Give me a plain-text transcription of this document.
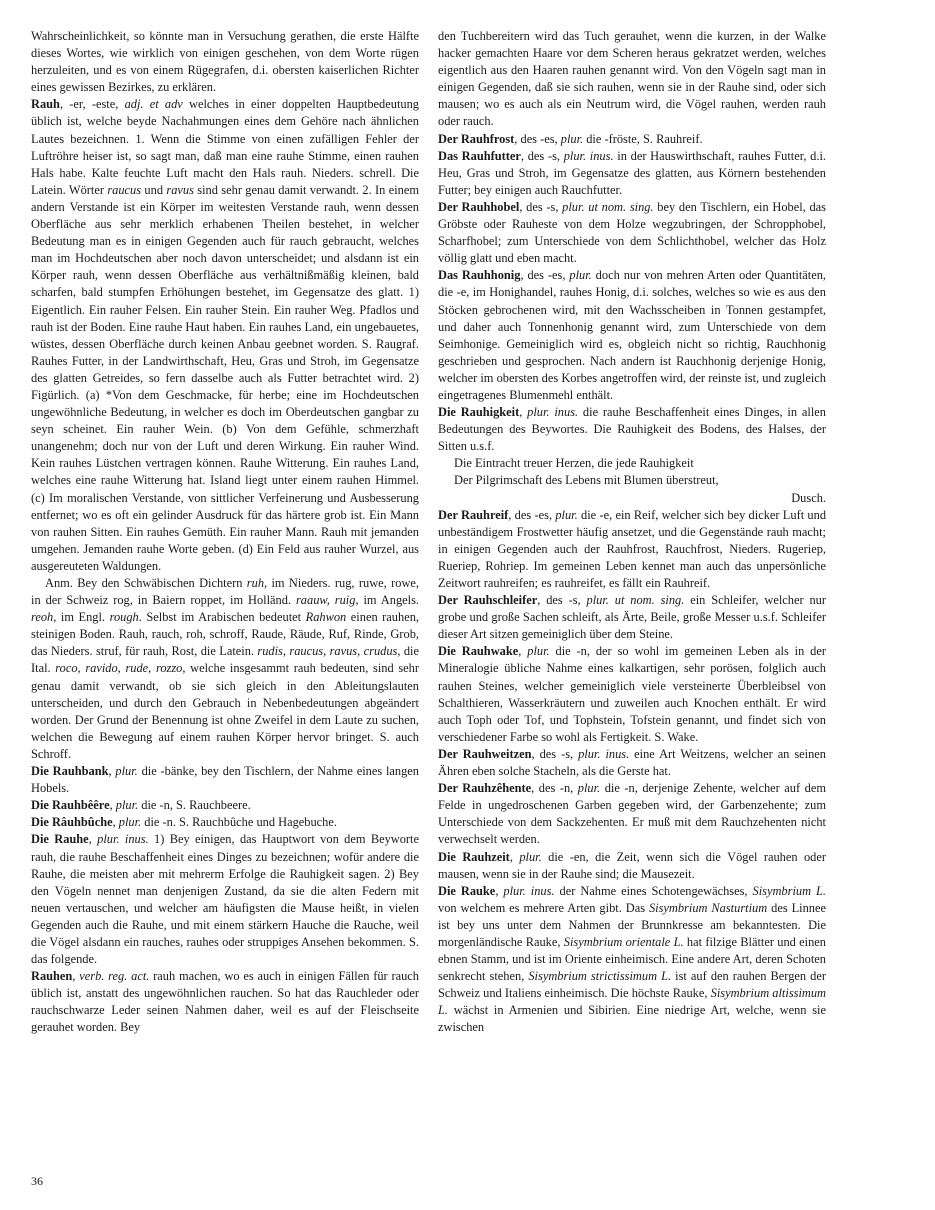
Wahrscheinlichkeit, so könnte man in Versuchung gerathen, die erste Hälfte dieses Wortes, wie wirklich von einigen geschehen, von dem Worte rügen herzuleiten, und es von einem Rügegrafen, d.i. obersten kaiserlichen Richter eines gewissen Bezirkes, zu erklären.

Rauh, -er, -este, adj. et adv welches in einer doppelten Hauptbedeutung üblich ist, welche beyde Nachahmungen eines dem Gehöre nach ähnlichen Lautes bezeichnen. 1. Wenn die Stimme von einen zufälligen Fehler der Luftröhre heiser ist, so sagt man, daß man eine rauhe Stimme, einen rauhen Hals habe. Kalte feuchte Luft macht den Hals rauh. Nieders. schrell. Die Latein. Wörter raucus und ravus sind sehr genau damit verwandt. 2. In einem andern Verstande ist ein Körper im weitesten Verstande rauh, wenn dessen Oberfläche aus sehr merklich erhabenen Theilen bestehet, in welcher Bedeutung man es in einigen Gegenden auch für rauch gebraucht, welches man im Hochdeutschen aber noch davon unterscheidet; und alsdann ist ein Körper rauh, wenn dessen Oberfläche aus verhältnißmäßig kleinen, bald scharfen, bald stumpfen Erhöhungen bestehet, im Gegensatze des glatt. 1) Eigentlich. Ein rauher Felsen. Ein rauher Stein. Ein rauher Weg. Pfadlos und rauh ist der Boden. Eine rauhe Haut haben. Ein rauhes Land, ein ungebauetes, wüstes, dessen Oberfläche durch keinen Anbau geebnet worden. S. Raugraf. Rauhes Futter, in der Landwirthschaft, Heu, Gras und Stroh, im Gegensatze des glatten Getreides, so fern dasselbe auch als Futter betrachtet wird. 2) Figürlich. (a) *Von dem Geschmacke, für herbe; eine im Hochdeutschen ungewöhnliche Bedeutung, in welcher es doch im Oberdeutschen gangbar zu seyn scheinet. Ein rauher Wein. (b) Von dem Gefühle, schmerzhaft unangenehm; doch nur von der Luft und deren Wirkung. Ein rauher Wind. Kein rauhes Lüstchen vertragen können. Rauhe Witterung. Ein rauhes Land, welches eine rauhe Witterung hat. Island liegt unter einem rauhen Himmel. (c) Im moralischen Verstande, von sittlicher Verfeinerung und Ausbesserung entfernet; wo es oft ein gelinder Ausdruck für das härtere grob ist. Ein Mann von rauhen Sitten. Ein rauhes Gemüth. Ein rauher Mann. Rauh mit jemanden umgehen. Jemanden rauhe Worte geben. (d) Ein Feld aus rauher Wurzel, aus ausgereuteten Waldungen.

Anm. Bey den Schwäbischen Dichtern ruh, im Nieders. rug, ruwe, rowe, in der Schweiz rog, in Baiern roppet, im Holländ. raauw, ruig, im Angels. reoh, im Engl. rough. Selbst im Arabischen bedeutet Rahwon einen rauhen, steinigen Boden. Rauh, rauch, roh, schroff, Raude, Räude, Ruf, Rinde, Grob, das Nieders. struf, für rauh, Rost, die Latein. rudis, raucus, ravus, crudus, die Ital. roco, ravido, rude, rozzo, welche insgesammt rauh bedeuten, sind sehr genau damit verwandt, ob sie sich gleich in den Ableitungslauten unterscheiden, und durch den Gebrauch in Nebenbedeutungen abgeändert worden. Der Grund der Benennung ist ohne Zweifel in dem Laute zu suchen, welchen die Bewegung auf einem rauhen Körper hervor bringet. S. auch Schroff.

Die Rauhbank, plur. die -bänke, bey den Tischlern, der Nahme eines langen Hobels.

Die Rauhbêêre, plur. die -n, S. Rauchbeere.

Die Râuhbûche, plur. die -n. S. Rauchbûche und Hagebuche.

Die Rauhe, plur. inus. 1) Bey einigen, das Hauptwort von dem Beyworte rauh, die rauhe Beschaffenheit eines Dinges zu bezeichnen; wofür andere die Rauhe, die meisten aber mit mehrerm Erfolge die Rauhigkeit sagen. 2) Bey den Vögeln nennet man denjenigen Zustand, da sie die alten Federn mit neuen vertauschen, und welcher am häufigsten die Mause heißt, in vielen Gegenden auch die Rauhe, und mit einem stärkern Hauche die Rauche, weil die Vögel alsdann ein rauches, rauhes oder struppiges Ansehen bekommen. S. das folgende.

Rauhen, verb. reg. act. rauh machen, wo es auch in einigen Fällen für rauch üblich ist, anstatt des ungewöhnlichen rauchen. So hat das Rauchleder oder rauchschwarze Leder seinen Nahmen daher, weil es auf der Fleischseite gerauhet worden. Bey

den Tuchbereitern wird das Tuch gerauhet, wenn die kurzen, in der Walke hacker gemachten Haare vor dem Scheren heraus gekratzet werden, welches eigentlich aus den Haaren rauhen genannt wird. Von den Vögeln sagt man in einigen Gegenden, daß sie sich rauhen, wenn sie in der Rauhe sind, oder sich mausen; wo es auch als ein Neutrum wird, die Vögel rauhen, werden rauh oder rauch.

Der Rauhfrost, des -es, plur. die -fröste, S. Rauhreif.

Das Rauhfutter, des -s, plur. inus. in der Hauswirthschaft, rauhes Futter, d.i. Heu, Gras und Stroh, im Gegensatze des glatten, aus Körnern bestehenden Futter; bey einigen auch Rauchfutter.

Der Rauhhobel, des -s, plur. ut nom. sing. bey den Tischlern, ein Hobel, das Gröbste oder Rauheste von dem Holze wegzubringen, der Schropphobel, Scharfhobel; zum Unterschiede von dem Schlichthobel, welcher das Holz völlig glatt und eben macht.

Das Rauhhonig, des -es, plur. doch nur von mehren Arten oder Quantitäten, die -e, im Honighandel, rauhes Honig, d.i. solches, welches so wie es aus den Stöcken gebrochenen wird, mit den Wachsscheiben in Tonnen gestampfet, und daher auch Tonnenhonig genannt wird, zum Unterschiede von dem Seimhonige. Gemeiniglich wird es, obgleich nicht so richtig, Rauchhonig geschrieben und gesprochen. Nach andern ist Rauchhonig derjenige Honig, welcher im obersten des Korbes angetroffen wird, der reinste ist, und zugleich eingetragenes Blumenmehl enthält.

Die Rauhigkeit, plur. inus. die rauhe Beschaffenheit eines Dinges, in allen Bedeutungen des Beywortes. Die Rauhigkeit des Bodens, des Halses, der Sitten u.s.f.

Die Eintracht treuer Herzen, die jede Rauhigkeit

Der Pilgrimschaft des Lebens mit Blumen überstreut,

Dusch.

Der Rauhreif, des -es, plur. die -e, ein Reif, welcher sich bey dicker Luft und unbeständigem Frostwetter häufig ansetzet, und die Gegenstände rauh macht; in einigen Gegenden auch der Rauhfrost, Rauchfrost, Nieders. Rugeriep, Rueriep, Rohriep. Im gemeinen Leben kennet man auch das unpersönliche Zeitwort rauhreifen; es rauhreifet, es fällt ein Rauhreif.

Der Rauhschleifer, des -s, plur. ut nom. sing. ein Schleifer, welcher nur grobe und große Sachen schleift, als Ärte, Beile, große Messer u.s.f. Schleifer dieser Art sitzen gemeiniglich über dem Steine.

Die Rauhwake, plur. die -n, der so wohl im gemeinen Leben als in der Mineralogie übliche Nahme eines kalkartigen, sehr porösen, folglich auch rauhen Steines, welcher gemeiniglich viele versteinerte Überbleibsel von Schalthieren, Wasserkräutern und zuweilen auch Knochen enthält. Er wird auch Toph oder Tof, und Tophstein, Tofstein genannt, und findet sich von verschiedener Farbe so wohl als Fertigkeit. S. Wake.

Der Rauhweitzen, des -s, plur. inus. eine Art Weitzens, welcher an seinen Ähren eben solche Stacheln, als die Gerste hat.

Der Rauhzêhente, des -n, plur. die -n, derjenige Zehente, welcher auf dem Felde in ungedroschenen Garben gegeben wird, der Garbenzehente; zum Unterschiede von dem Sackzehenten. Er muß mit dem Rauchzehenten nicht verwechselt werden.

Die Rauhzeit, plur. die -en, die Zeit, wenn sich die Vögel rauhen oder mausen, wenn sie in der Rauhe sind; die Mausezeit.

Die Rauke, plur. inus. der Nahme eines Schotengewächses, Sisymbrium L. von welchem es mehrere Arten gibt. Das Sisymbrium Nasturtium des Linnee ist bey uns unter dem Nahmen der Brunnkresse am bekanntesten. Die morgenländische Rauke, Sisymbrium orientale L. hat filzige Blätter und einen ebnen Stamm, und ist im Oriente einheimisch. Eine andere Art, deren Schoten senkrecht stehen, Sisymbrium strictissimum L. ist auf den rauhen Bergen der Schweiz und Italiens einheimisch. Die höchste Rauke, Sisymbrium altissimum L. wächst in Armenien und Sibirien. Eine niedrige Art, welche, wenn sie zwischen

36
